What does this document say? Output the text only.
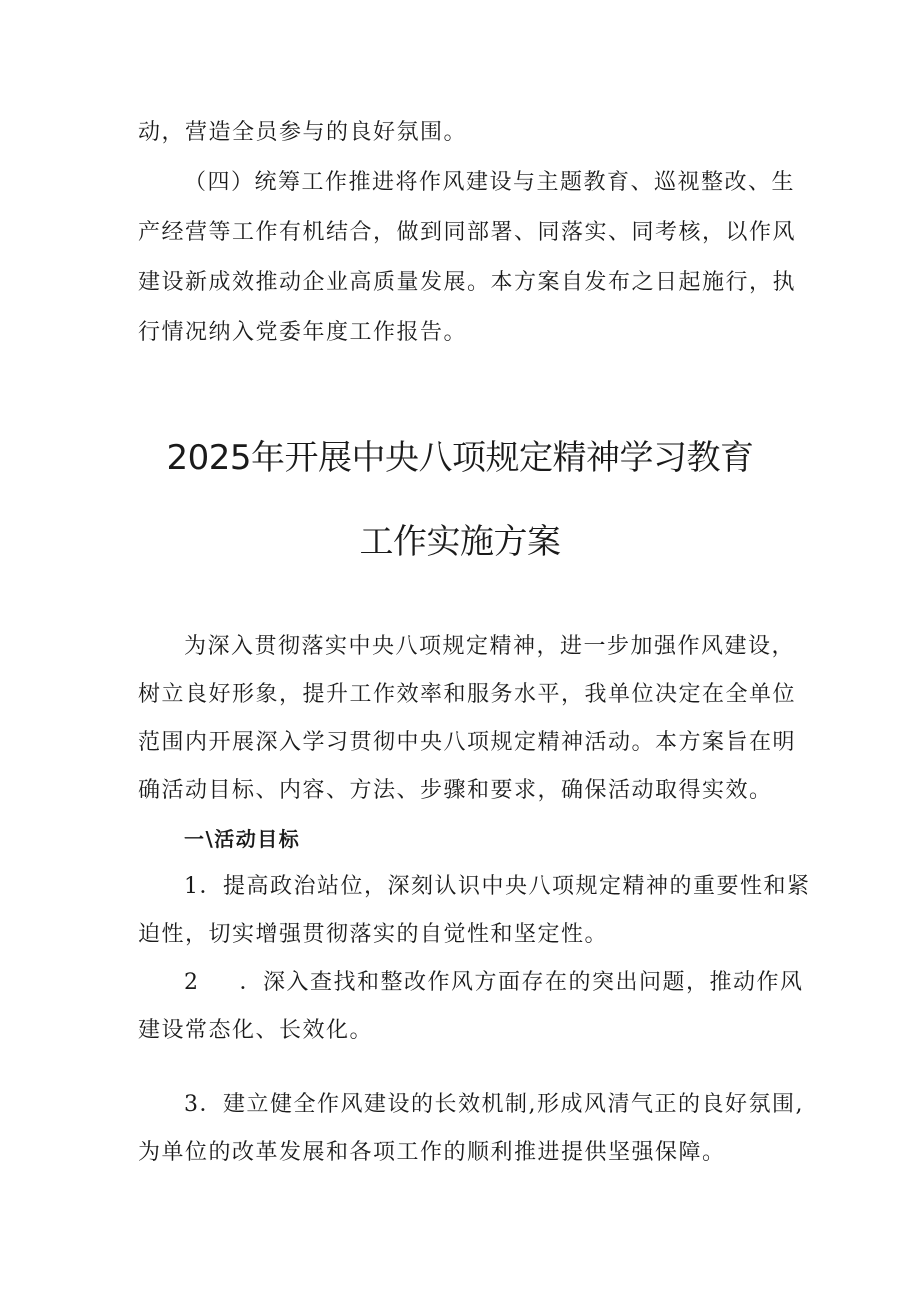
动，营造全员参与的良好氛围。

（四）统筹工作推进将作风建设与主题教育、巡视整改、生

产经营等工作有机结合，做到同部署、同落实、同考核，以作风

建设新成效推动企业高质量发展。本方案自发布之日起施行，执

行情况纳入党委年度工作报告。

2025年开展中央八项规定精神学习教育
工作实施方案

为深入贯彻落实中央八项规定精神，进一步加强作风建设，

树立良好形象，提升工作效率和服务水平，我单位决定在全单位

范围内开展深入学习贯彻中央八项规定精神活动。本方案旨在明

确活动目标、内容、方法、步骤和要求，确保活动取得实效。

一\活动目标

1．提高政治站位，深刻认识中央八项规定精神的重要性和紧

迫性，切实增强贯彻落实的自觉性和坚定性。

2 ．深入查找和整改作风方面存在的突出问题，推动作风

建设常态化、长效化。

3．建立健全作风建设的长效机制,形成风清气正的良好氛围,

为单位的改革发展和各项工作的顺利推进提供坚强保障。
